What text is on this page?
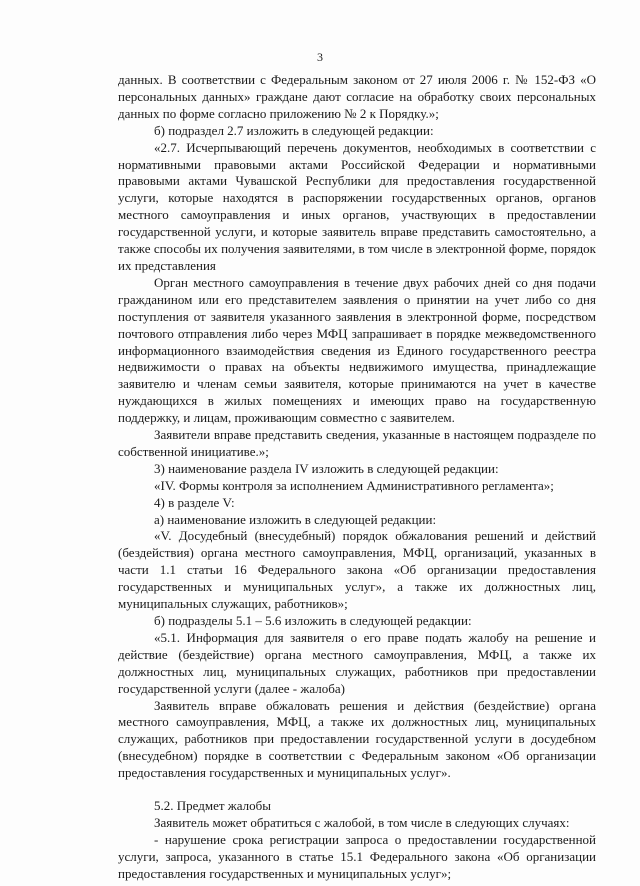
3

данных. В соответствии с Федеральным законом от 27 июля 2006 г. № 152-ФЗ «О персональных данных» граждане дают согласие на обработку своих персональных данных по форме согласно приложению № 2 к Порядку.»;

б) подраздел 2.7 изложить в следующей редакции:

«2.7. Исчерпывающий перечень документов, необходимых в соответствии с нормативными правовыми актами Российской Федерации и нормативными правовыми актами Чувашской Республики для предоставления государственной услуги, которые находятся в распоряжении государственных органов, органов местного самоуправления и иных органов, участвующих в предоставлении государственной услуги, и которые заявитель вправе представить самостоятельно, а также способы их получения заявителями, в том числе в электронной форме, порядок их представления

Орган местного самоуправления в течение двух рабочих дней со дня подачи гражданином или его представителем заявления о принятии на учет либо со дня поступления от заявителя указанного заявления в электронной форме, посредством почтового отправления либо через МФЦ запрашивает в порядке межведомственного информационного взаимодействия сведения из Единого государственного реестра недвижимости о правах на объекты недвижимого имущества, принадлежащие заявителю и членам семьи заявителя, которые принимаются на учет в качестве нуждающихся в жилых помещениях и имеющих право на государственную поддержку, и лицам, проживающим совместно с заявителем.

Заявители вправе представить сведения, указанные в настоящем подразделе по собственной инициативе.»;

3) наименование раздела IV изложить в следующей редакции:

«IV. Формы контроля за исполнением Административного регламента»;

4) в разделе V:

а) наименование изложить в следующей редакции:

«V. Досудебный (внесудебный) порядок обжалования решений и действий (бездействия) органа местного самоуправления, МФЦ, организаций, указанных в части 1.1 статьи 16 Федерального закона «Об организации предоставления государственных и муниципальных услуг», а также их должностных лиц, муниципальных служащих, работников»;

б) подразделы 5.1 – 5.6 изложить в следующей редакции:

«5.1. Информация для заявителя о его праве подать жалобу на решение и действие (бездействие) органа местного самоуправления, МФЦ, а также их должностных лиц, муниципальных служащих, работников при предоставлении государственной услуги (далее - жалоба)

Заявитель вправе обжаловать решения и действия (бездействие) органа местного самоуправления, МФЦ, а также их должностных лиц, муниципальных служащих, работников при предоставлении государственной услуги в досудебном (внесудебном) порядке в соответствии с Федеральным законом «Об организации предоставления государственных и муниципальных услуг».

5.2. Предмет жалобы

Заявитель может обратиться с жалобой, в том числе в следующих случаях:

- нарушение срока регистрации запроса о предоставлении государственной услуги, запроса, указанного в статье 15.1 Федерального закона «Об организации предоставления государственных и муниципальных услуг»;
